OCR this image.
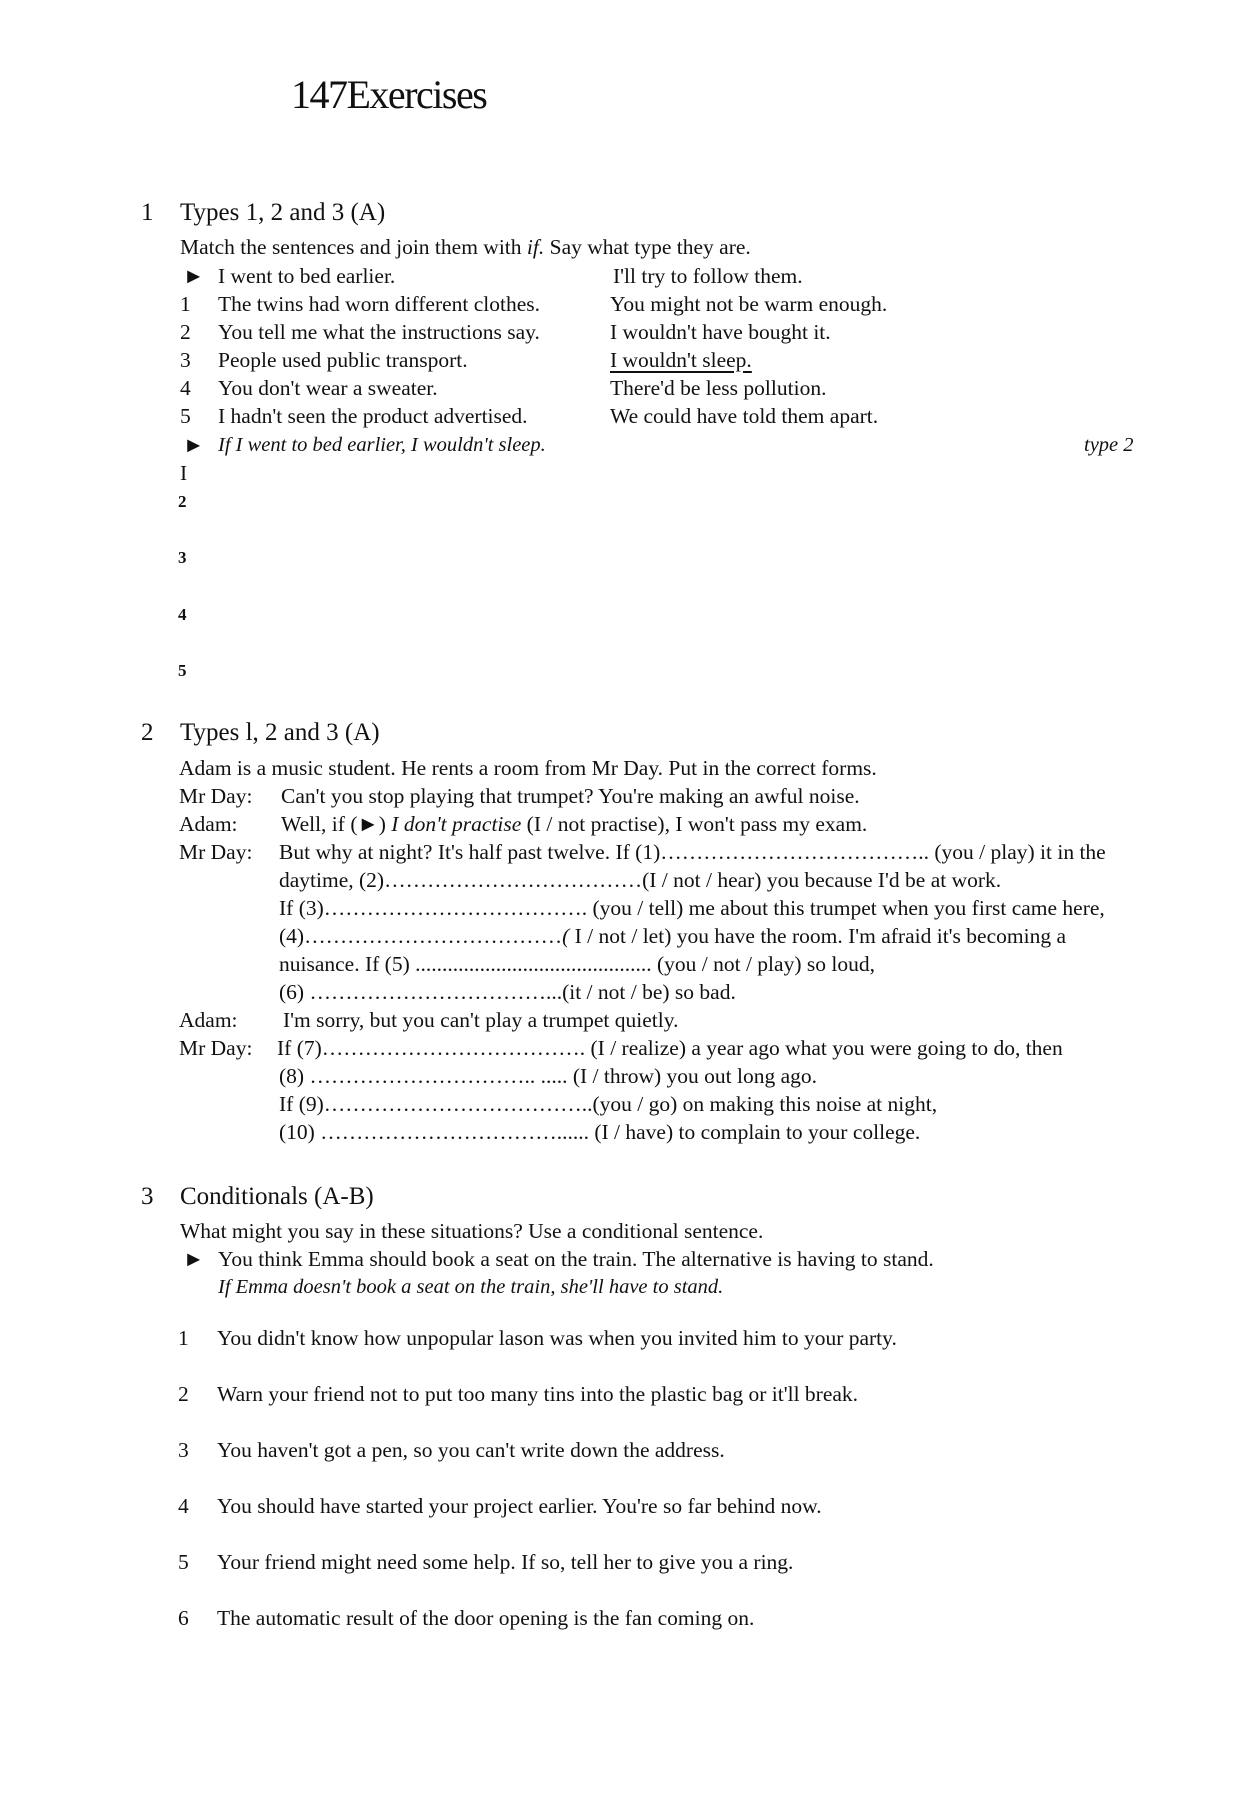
147Exercises
1 Types 1, 2 and 3 (A)
Match the sentences and join them with if. Say what type they are.
► I went to bed earlier.	I'll try to follow them.
1 The twins had worn different clothes.	You might not be warm enough.
2 You tell me what the instructions say.	I wouldn't have bought it.
3 People used public transport.	I wouldn't sleep.
4 You don't wear a sweater.	There'd be less pollution.
5 I hadn't seen the product advertised.	We could have told them apart.
► If I went to bed earlier, I wouldn't sleep.	type 2
I
2
3
4
5
2 Types l, 2 and 3 (A)
Adam is a music student. He rents a room from Mr Day. Put in the correct forms.
Mr Day: Can't you stop playing that trumpet? You're making an awful noise.
Adam: Well, if (►) I don't practise (I / not practise), I won't pass my exam.
Mr Day: But why at night? It's half past twelve. If (1)……………………………….. (you / play) it in the
daytime, (2)………………………………(I / not / hear) you because I'd be at work.
If (3)………………………………. (you / tell) me about this trumpet when you first came here,
(4)………………………………( I / not / let) you have the room. I'm afraid it's becoming a
nuisance. If (5) ............................................ (you / not / play) so loud,
(6) ……………………………...(it / not / be) so bad.
Adam: I'm sorry, but you can't play a trumpet quietly.
Mr Day: If (7)………………………………. (I / realize) a year ago what you were going to do, then
(8) ………………………….. ..... (I / throw) you out long ago.
If (9)………………………………..(you / go) on making this noise at night,
(10) ……………………………...... (I / have) to complain to your college.
3 Conditionals (A-B)
What might you say in these situations? Use a conditional sentence.
► You think Emma should book a seat on the train. The alternative is having to stand.
If Emma doesn't book a seat on the train, she'll have to stand.
1 You didn't know how unpopular lason was when you invited him to your party.
2 Warn your friend not to put too many tins into the plastic bag or it'll break.
3 You haven't got a pen, so you can't write down the address.
4 You should have started your project earlier. You're so far behind now.
5 Your friend might need some help. If so, tell her to give you a ring.
6 The automatic result of the door opening is the fan coming on.
